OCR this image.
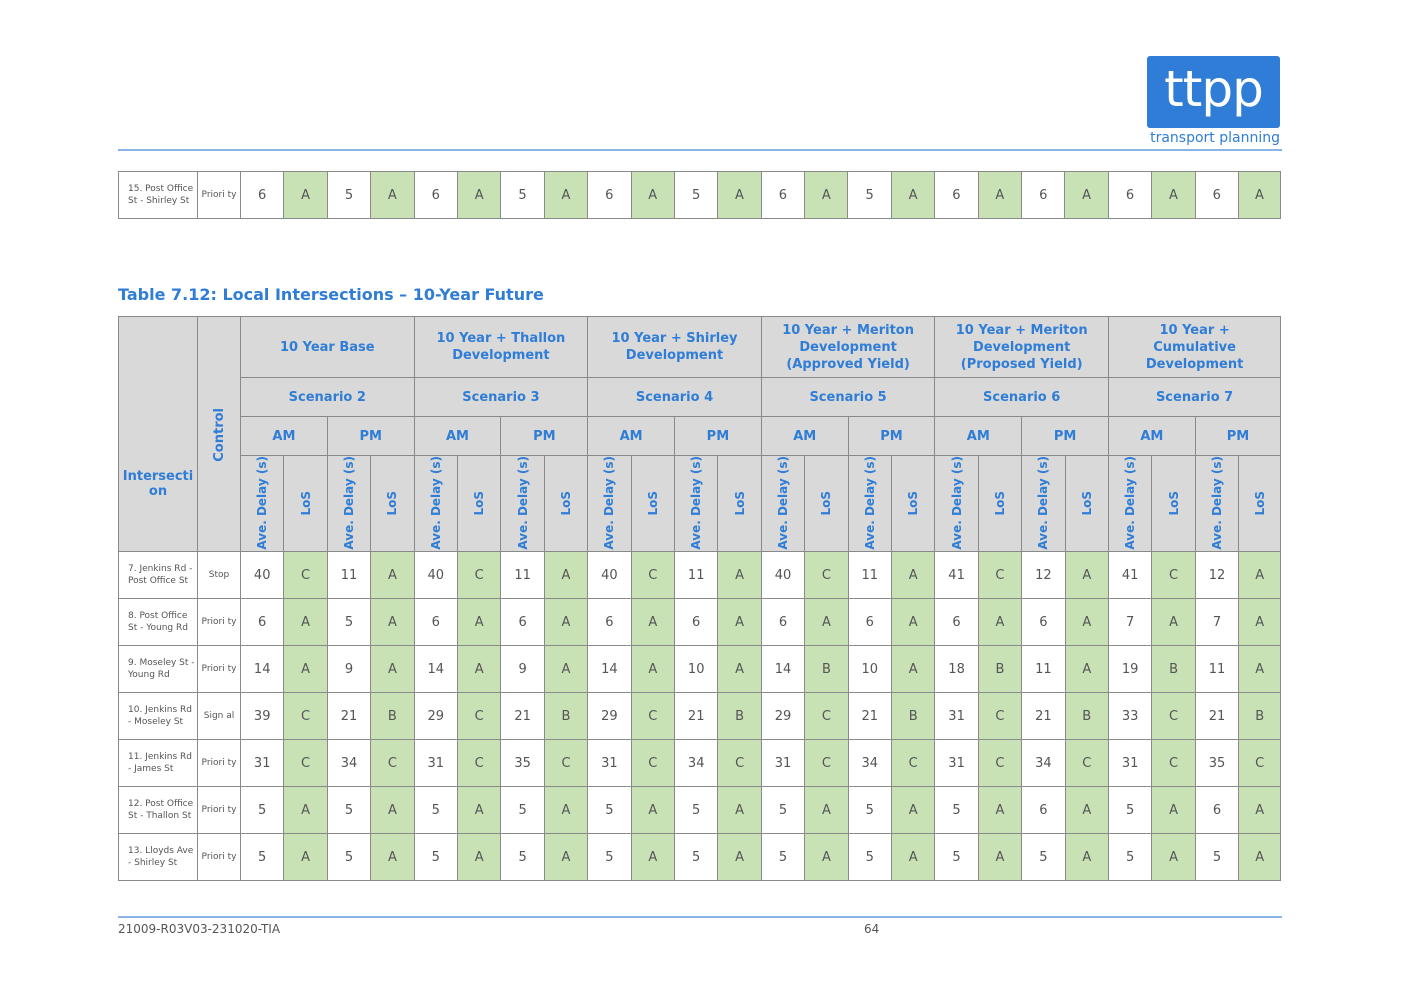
ttpp
transport planning
15. Post Office St - Shirley St	Priori ty	6	A	5	A	6	A	5	A	6	A	5	A	6	A	5	A	6	A	6	A	6	A	6	A
Table 7.12: Local Intersections – 10-Year Future
Intersecti on	Control	10 Year Base				10 Year + Thallon Development				10 Year + Shirley Development				10 Year + Meriton Development (Approved Yield)				10 Year + Meriton Development (Proposed Yield)				10 Year + Cumulative Development			
		Scenario 2				Scenario 3				Scenario 4				Scenario 5				Scenario 6				Scenario 7			
		AM		PM		AM		PM		AM		PM		AM		PM		AM		PM		AM		PM	

		Ave. Delay (s)	LoS	Ave. Delay (s)	LoS	Ave. Delay (s)	LoS	Ave. Delay (s)	LoS	Ave. Delay (s)	LoS	Ave. Delay (s)	LoS	Ave. Delay (s)	LoS	Ave. Delay (s)	LoS	Ave. Delay (s)	LoS	Ave. Delay (s)	LoS	Ave. Delay (s)	LoS	Ave. Delay (s)	LoS

7. Jenkins Rd - Post Office St	Stop	40	C	11	A	40	C	11	A	40	C	11	A	40	C	11	A	41	C	12	A	41	C	12	A
8. Post Office St - Young Rd	Priori ty	6	A	5	A	6	A	6	A	6	A	6	A	6	A	6	A	6	A	6	A	7	A	7	A
9. Moseley St - Young Rd	Priori ty	14	A	9	A	14	A	9	A	14	A	10	A	14	B	10	A	18	B	11	A	19	B	11	A
10. Jenkins Rd - Moseley St	Sign al	39	C	21	B	29	C	21	B	29	C	21	B	29	C	21	B	31	C	21	B	33	C	21	B
11. Jenkins Rd - James St	Priori ty	31	C	34	C	31	C	35	C	31	C	34	C	31	C	34	C	31	C	34	C	31	C	35	C
12. Post Office St - Thallon St	Priori ty	5	A	5	A	5	A	5	A	5	A	5	A	5	A	5	A	5	A	6	A	5	A	6	A
13. Lloyds Ave - Shirley St	Priori ty	5	A	5	A	5	A	5	A	5	A	5	A	5	A	5	A	5	A	5	A	5	A	5	A
21009-R03V03-231020-TIA	64
